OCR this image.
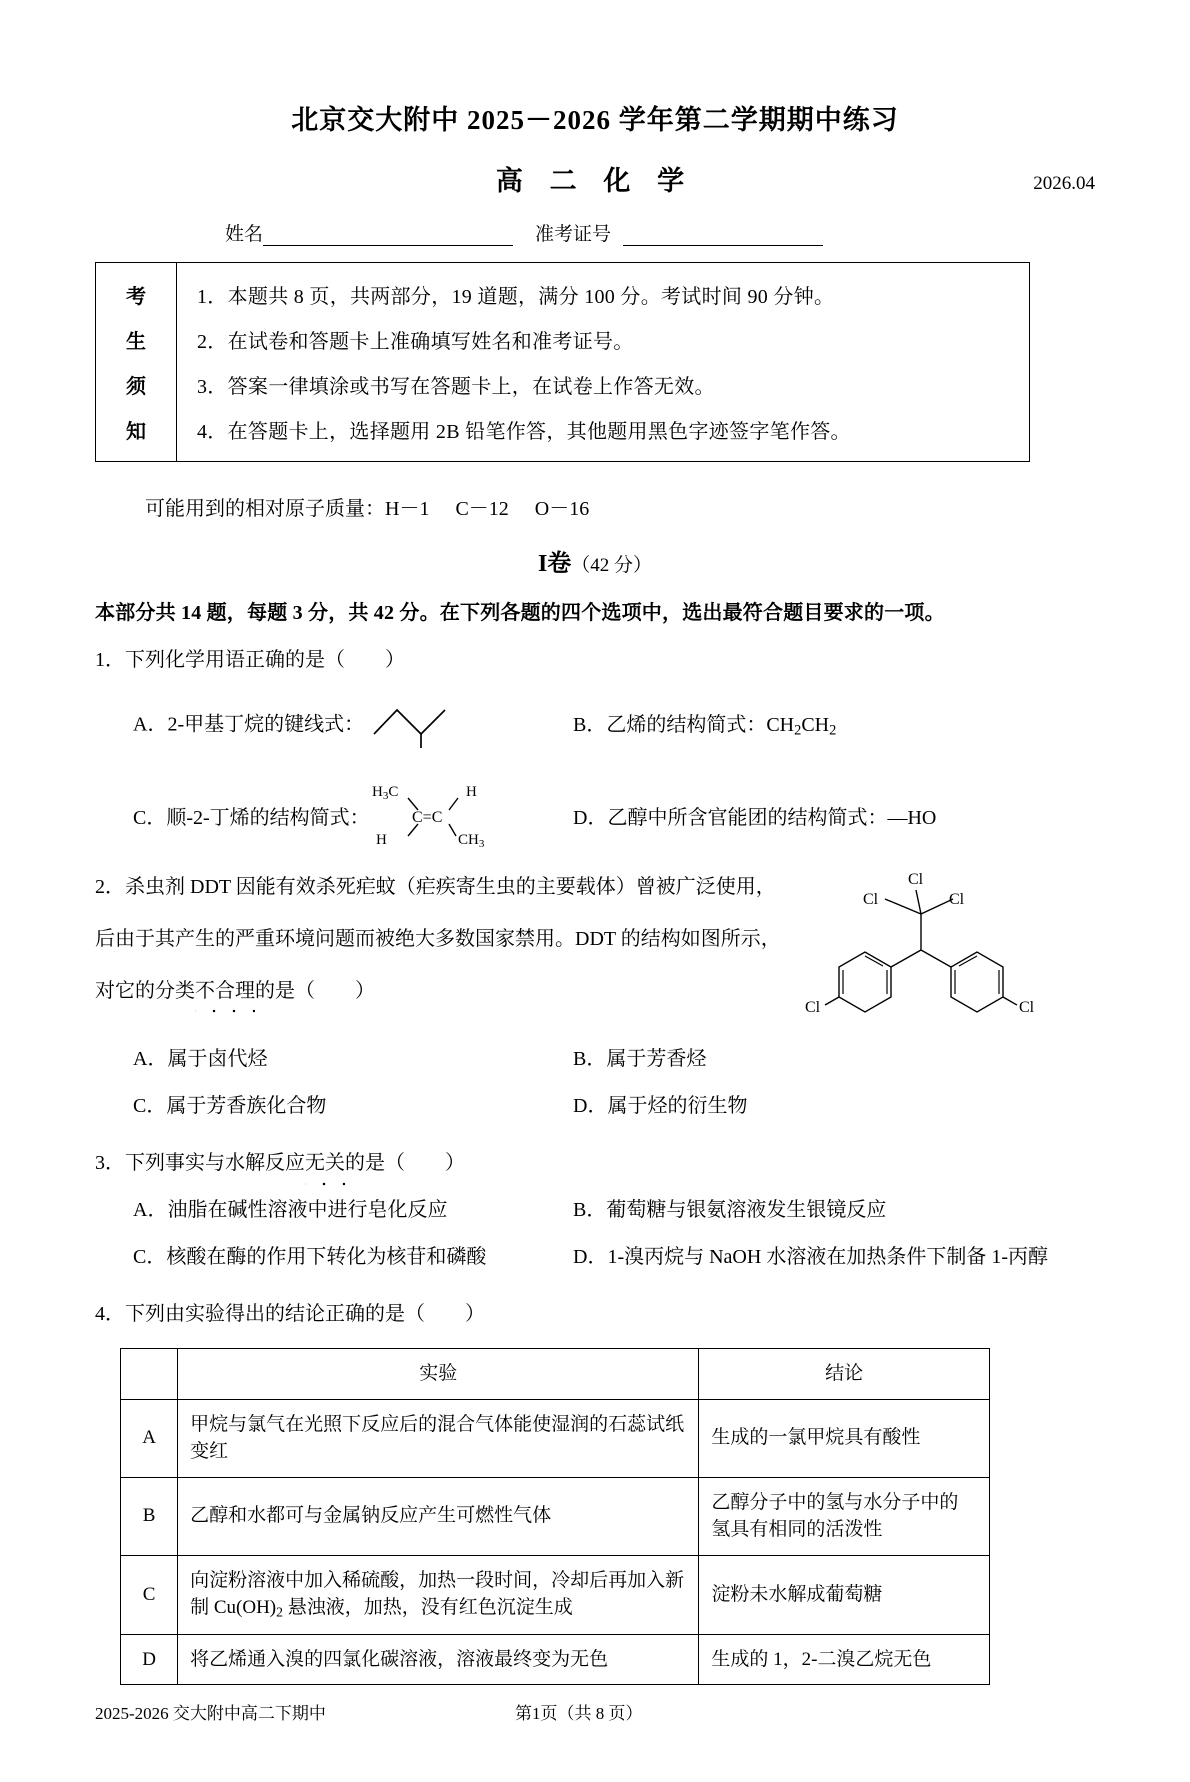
北京交大附中 2025－2026 学年第二学期期中练习
高 二 化 学	2026.04
姓名	准考证号
考
生
须
知
1．本题共 8 页，共两部分，19 道题，满分 100 分。考试时间 90 分钟。
2．在试卷和答题卡上准确填写姓名和准考证号。
3．答案一律填涂或书写在答题卡上，在试卷上作答无效。
4．在答题卡上，选择题用 2B 铅笔作答，其他题用黑色字迹签字笔作答。
可能用到的相对原子质量：H－1 C－12 O－16
I卷（42 分）
本部分共 14 题，每题 3 分，共 42 分。在下列各题的四个选项中，选出最符合题目要求的一项。
1．下列化学用语正确的是（　　）
A．2-甲基丁烷的键线式：	B．乙烯的结构简式：$CH_2CH_2$
C． 顺-2-丁烯的结构简式：
$H_3C$	H
H	$CH_3$
C=C	D．乙醇中所含官能团的结构简式：—HO

2．杀虫剂 DDT 因能有效杀死疟蚊（疟疾寄生虫的主要载体）曾被广泛使用，

后由于其产生的严重环境问题而被绝大多数国家禁用。DDT 的结构如图所示，

对它的分类不合理的是（　　）

Cl
Cl	Cl
Cl	Cl
A．属于卤代烃	B．属于芳香烃
C．属于芳香族化合物	D．属于烃的衍生物
3．下列事实与水解反应无关的是（　　）
A．油脂在碱性溶液中进行皂化反应	B．葡萄糖与银氨溶液发生银镜反应
C．核酸在酶的作用下转化为核苷和磷酸	D．1-溴丙烷与 NaOH 水溶液在加热条件下制备 1-丙醇
4．下列由实验得出的结论正确的是（　　）
	实验	结论
A	甲烷与氯气在光照下反应后的混合气体能使湿润的石蕊试纸变红	生成的一氯甲烷具有酸性
B	乙醇和水都可与金属钠反应产生可燃性气体	乙醇分子中的氢与水分子中的氢具有相同的活泼性
C	向淀粉溶液中加入稀硫酸，加热一段时间，冷却后再加入新制 $Cu(OH)_2$ 悬浊液，加热，没有红色沉淀生成	淀粉未水解成葡萄糖
D	将乙烯通入溴的四氯化碳溶液，溶液最终变为无色	生成的 1，2-二溴乙烷无色
2025-2026 交大附中高二下期中	第1页（共 8 页）
